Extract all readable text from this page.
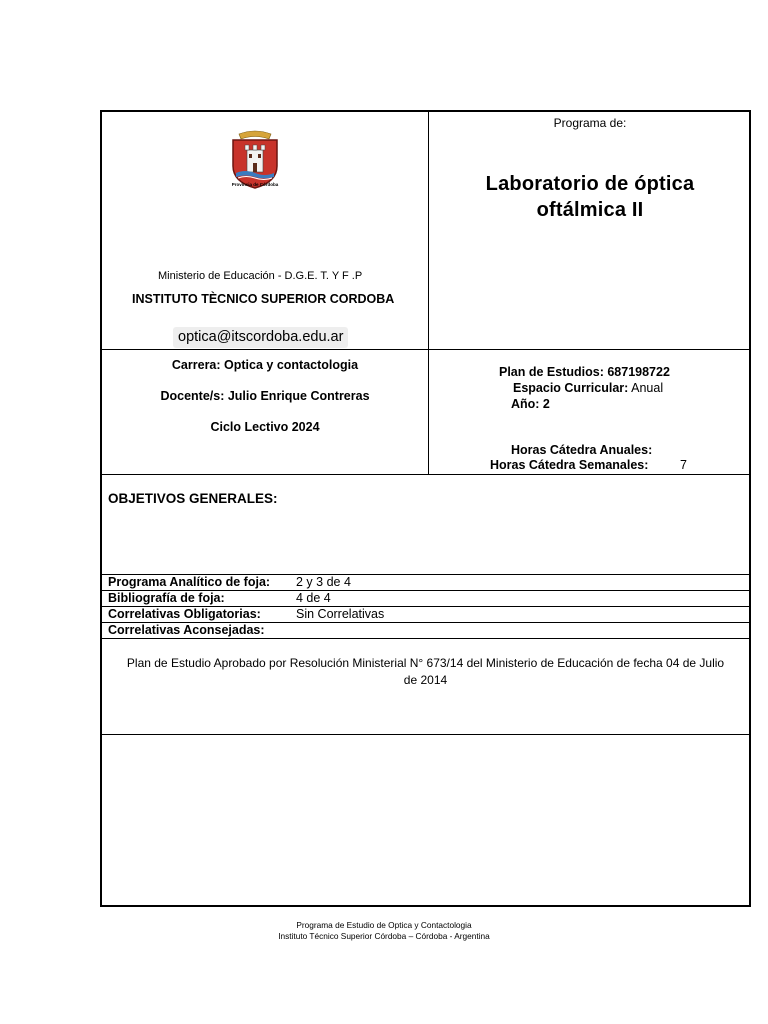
Provincia de Córdoba
Ministerio de Educación - D.G.E. T. Y F .P
INSTITUTO TÈCNICO SUPERIOR CORDOBA
optica@itscordoba.edu.ar
Programa de:
Laboratorio de óptica
oftálmica II
Carrera: Optica y contactologia
Docente/s: Julio Enrique Contreras
Ciclo Lectivo 2024
Plan de Estudios: 687198722
Espacio Curricular: Anual
Año: 2
Horas Cátedra Anuales:
Horas Cátedra Semanales:	7
OBJETIVOS GENERALES:
Programa Analítico de foja: 2 y 3 de 4
Bibliografía de foja:	4 de 4
Correlativas Obligatorias:	Sin Correlativas
Correlativas Aconsejadas:
Plan de Estudio Aprobado por Resolución Ministerial N° 673/14 del Ministerio de Educación de fecha 04 de Julio
de 2014
Programa de Estudio de Optica y Contactologia
Instituto Técnico Superior Córdoba – Córdoba - Argentina
